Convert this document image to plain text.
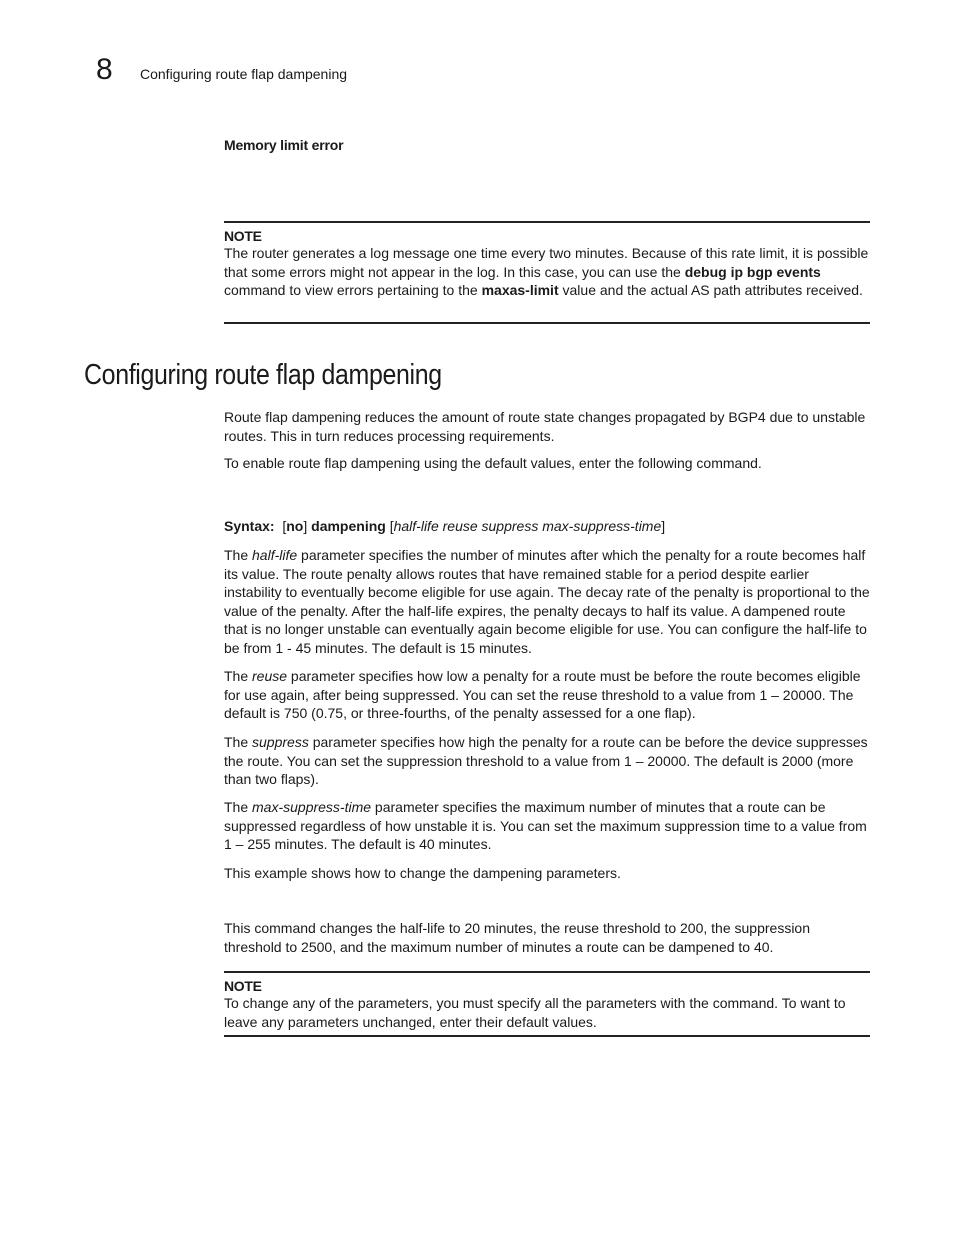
8 Configuring route flap dampening
Memory limit error
NOTE

The router generates a log message one time every two minutes. Because of this rate limit, it is possible that some errors might not appear in the log. In this case, you can use the debug ip bgp events command to view errors pertaining to the maxas-limit value and the actual AS path attributes received.

Configuring route flap dampening

Route flap dampening reduces the amount of route state changes propagated by BGP4 due to unstable routes. This in turn reduces processing requirements.

To enable route flap dampening using the default values, enter the following command.

Syntax: [no] dampening [half-life reuse suppress max-suppress-time]

The half-life parameter specifies the number of minutes after which the penalty for a route becomes half its value. The route penalty allows routes that have remained stable for a period despite earlier instability to eventually become eligible for use again. The decay rate of the penalty is proportional to the value of the penalty. After the half-life expires, the penalty decays to half its value. A dampened route that is no longer unstable can eventually again become eligible for use. You can configure the half-life to be from 1 - 45 minutes. The default is 15 minutes.

The reuse parameter specifies how low a penalty for a route must be before the route becomes eligible for use again, after being suppressed. You can set the reuse threshold to a value from 1 – 20000. The default is 750 (0.75, or three-fourths, of the penalty assessed for a one flap).

The suppress parameter specifies how high the penalty for a route can be before the device suppresses the route. You can set the suppression threshold to a value from 1 – 20000. The default is 2000 (more than two flaps).

The max-suppress-time parameter specifies the maximum number of minutes that a route can be suppressed regardless of how unstable it is. You can set the maximum suppression time to a value from 1 – 255 minutes. The default is 40 minutes.

This example shows how to change the dampening parameters.

This command changes the half-life to 20 minutes, the reuse threshold to 200, the suppression threshold to 2500, and the maximum number of minutes a route can be dampened to 40.

NOTE

To change any of the parameters, you must specify all the parameters with the command. To want to leave any parameters unchanged, enter their default values.
